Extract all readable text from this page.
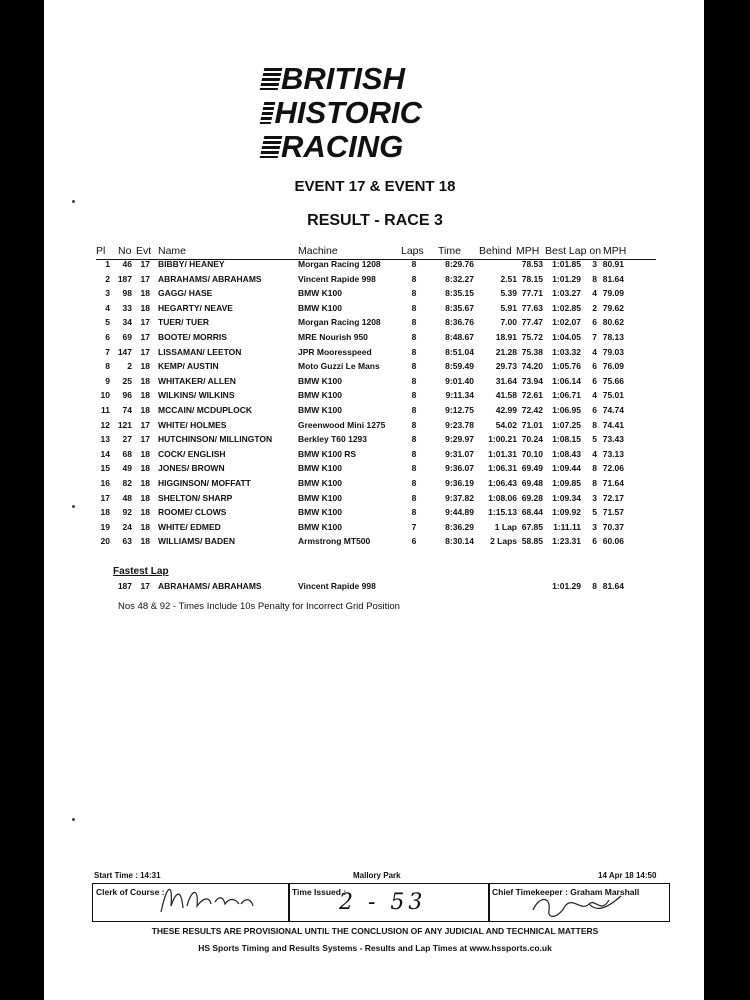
BRITISH
HISTORIC
RACING
EVENT 17 & EVENT 18
RESULT - RACE 3
Pl	No Evt Name	Machine	Laps Time Behind MPH Best Lap on MPH
1	46	17 BIBBY/ HEANEY	Morgan Racing 1208	8	8:29.76	78.53	1:01.85	3 80.91
2 187	17 ABRAHAMS/ ABRAHAMS	Vincent Rapide 998	8	8:32.27	2.51 78.15	1:01.29	8 81.64
3	98	18 GAGG/ HASE	BMW K100	8	8:35.15	5.39 77.71	1:03.27	4 79.09
4	33	18 HEGARTY/ NEAVE	BMW K100	8	8:35.67	5.91 77.63	1:02.85	2 79.62
5	34	17 TUER/ TUER	Morgan Racing 1208	8	8:36.76	7.00 77.47	1:02.07	6 80.62
6	69	17 BOOTE/ MORRIS	MRE Nourish 950	8	8:48.67	18.91 75.72	1:04.05	7 78.13
7 147	17 LISSAMAN/ LEETON	JPR Mooresspeed	8	8:51.04	21.28 75.38	1:03.32	4 79.03
8	2	18 KEMP/ AUSTIN	Moto Guzzi Le Mans	8	8:59.49	29.73 74.20	1:05.76	6 76.09
9	25	18 WHITAKER/ ALLEN	BMW K100	8	9:01.40	31.64 73.94	1:06.14	6 75.66
10	96	18 WILKINS/ WILKINS	BMW K100	8	9:11.34	41.58 72.61	1:06.71	4 75.01
11	74	18 MCCAIN/ MCDUPLOCK	BMW K100	8	9:12.75	42.99 72.42	1:06.95	6 74.74
12 121	17 WHITE/ HOLMES	Greenwood Mini 1275	8	9:23.78	54.02 71.01	1:07.25	8 74.41
13	27	17 HUTCHINSON/ MILLINGTON	Berkley T60 1293	8	9:29.97	1:00.21 70.24	1:08.15	5 73.43
14	68	18 COCK/ ENGLISH	BMW K100 RS	8	9:31.07	1:01.31 70.10	1:08.43	4 73.13
15	49	18 JONES/ BROWN	BMW K100	8	9:36.07	1:06.31 69.49	1:09.44	8 72.06
16	82	18 HIGGINSON/ MOFFATT	BMW K100	8	9:36.19	1:06.43 69.48	1:09.85	8 71.64
17	48	18 SHELTON/ SHARP	BMW K100	8	9:37.82	1:08.06 69.28	1:09.34	3 72.17
18	92	18 ROOME/ CLOWS	BMW K100	8	9:44.89	1:15.13 68.44	1:09.92	5 71.57
19	24	18 WHITE/ EDMED	BMW K100	7	8:36.29	1 Lap 67.85	1:11.11	3 70.37
20	63	18 WILLIAMS/ BADEN	Armstrong MT500	6	8:30.14	2 Laps 58.85	1:23.31	6 60.06
Fastest Lap
187	17 ABRAHAMS/ ABRAHAMS	Vincent Rapide 998	1:01.29	8 81.64
Nos 48 & 92 - Times Include 10s Penalty for Incorrect Grid Position
Start Time : 14:31	Mallory Park	14 Apr 18 14:50
Clerk of Course :	Time Issued :
2 - 53	Chief Timekeeper : Graham Marshall
THESE RESULTS ARE PROVISIONAL UNTIL THE CONCLUSION OF ANY JUDICIAL AND TECHNICAL MATTERS
HS Sports Timing and Results Systems - Results and Lap Times at www.hssports.co.uk
